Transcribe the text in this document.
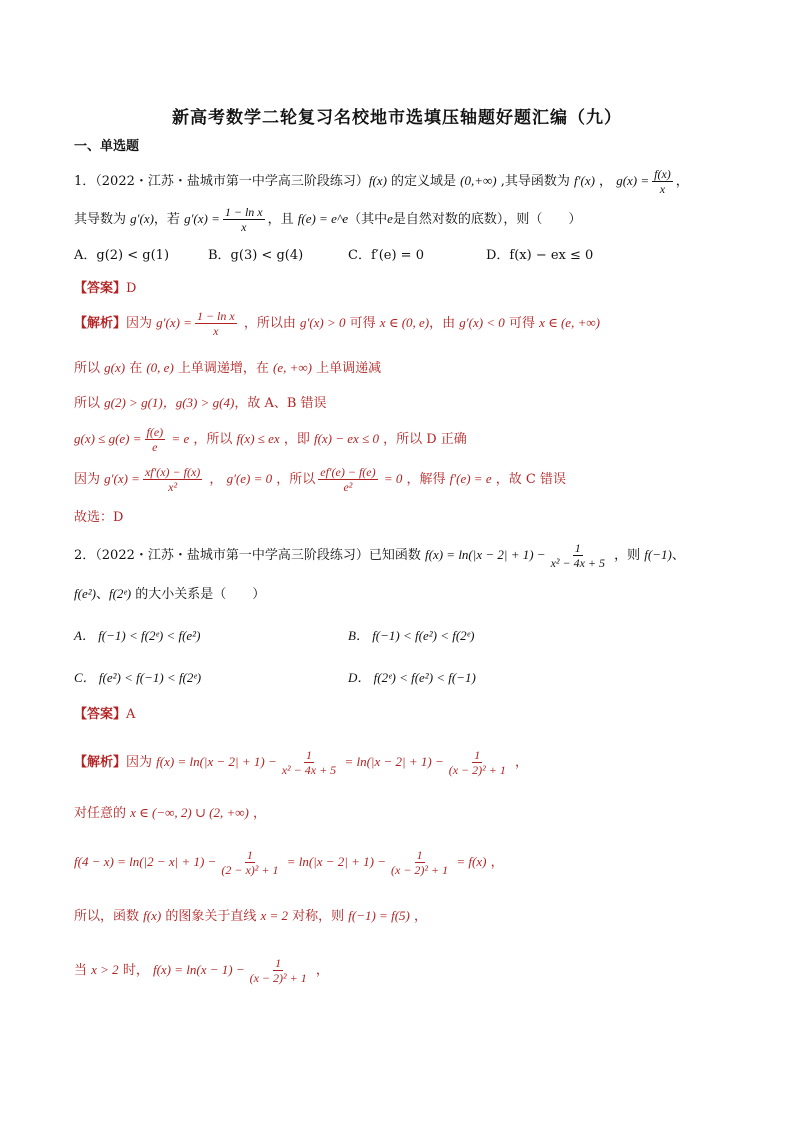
新高考数学二轮复习名校地市选填压轴题好题汇编（九）
一、单选题
1．（2022・江苏・盐城市第一中学高三阶段练习）f(x) 的定义域是 (0,+∞) ,其导函数为 f′(x) ， $g(x) = \frac{f(x)}{x}$ ，
其导数为 g′(x)，若 $g'(x) = \frac{\text{1 − ln x}}{x}$ ，且 f(e) = e^e（其中e是自然对数的底数），则（　　）
A．g(2) < g(1)	B．g(3) < g(4)	C．f′(e) = 0	D．f(x) − ex ≤ 0
【答案】D
【解析】因为 $g'(x) = \frac{\text{1 − ln x}}{x}$ ，所以由 g′(x) > 0 可得 x ∈ (0, e)，由 g′(x) < 0 可得 x ∈ (e, +∞)
所以 g(x) 在 (0, e) 上单调递增，在 (e, +∞) 上单调递减
所以 g(2) > g(1)，g(3) > g(4)，故 A、B 错误
$g(x) \le g(e) = \frac{f(e)}{e} = e$ ，所以 f(x) ≤ ex ，即 f(x) − ex ≤ 0 ，所以 D 正确
因为 $g'(x) = \frac{xf'(x) - f(x)}{\text{x²}}$ ， g′(e) = 0 ，所以 $\frac{ef'(e) - f(e)}{\text{e²}} = 0$ ，解得 f′(e) = e ，故 C 错误
故选：D
2．（2022・江苏・盐城市第一中学高三阶段练习）已知函数 $f(x) = \ln(|x - 2| + 1) - \frac{1}{\text{x² − 4x + 5}}$ ，则 f(−1)、
f(e²)、f(2ᵉ) 的大小关系是（　　）
A． f(−1) < f(2ᵉ) < f(e²)	B． f(−1) < f(e²) < f(2ᵉ)
C． f(e²) < f(−1) < f(2ᵉ)	D． f(2ᵉ) < f(e²) < f(−1)
【答案】A
【解析】因为 $f(x) = \ln(|x - 2| + 1) - \frac{1}{\text{x² − 4x + 5}} = \ln(|x - 2| + 1) - \frac{1}{\text{(x − 2)² + 1}}$ ，
对任意的 x ∈ (−∞, 2) ∪ (2, +∞) ，
$f(4 - x) = \ln(|2 - x| + 1) - \frac{1}{\text{(2 − x)² + 1}} = \ln(|x - 2| + 1) - \frac{1}{\text{(x − 2)² + 1}} = f(x)$ ，
所以，函数 f(x) 的图象关于直线 x = 2 对称，则 f(−1) = f(5) ，
当 x > 2 时， $f(x) = \ln(x - 1) - \frac{1}{\text{(x − 2)² + 1}}$ ，
